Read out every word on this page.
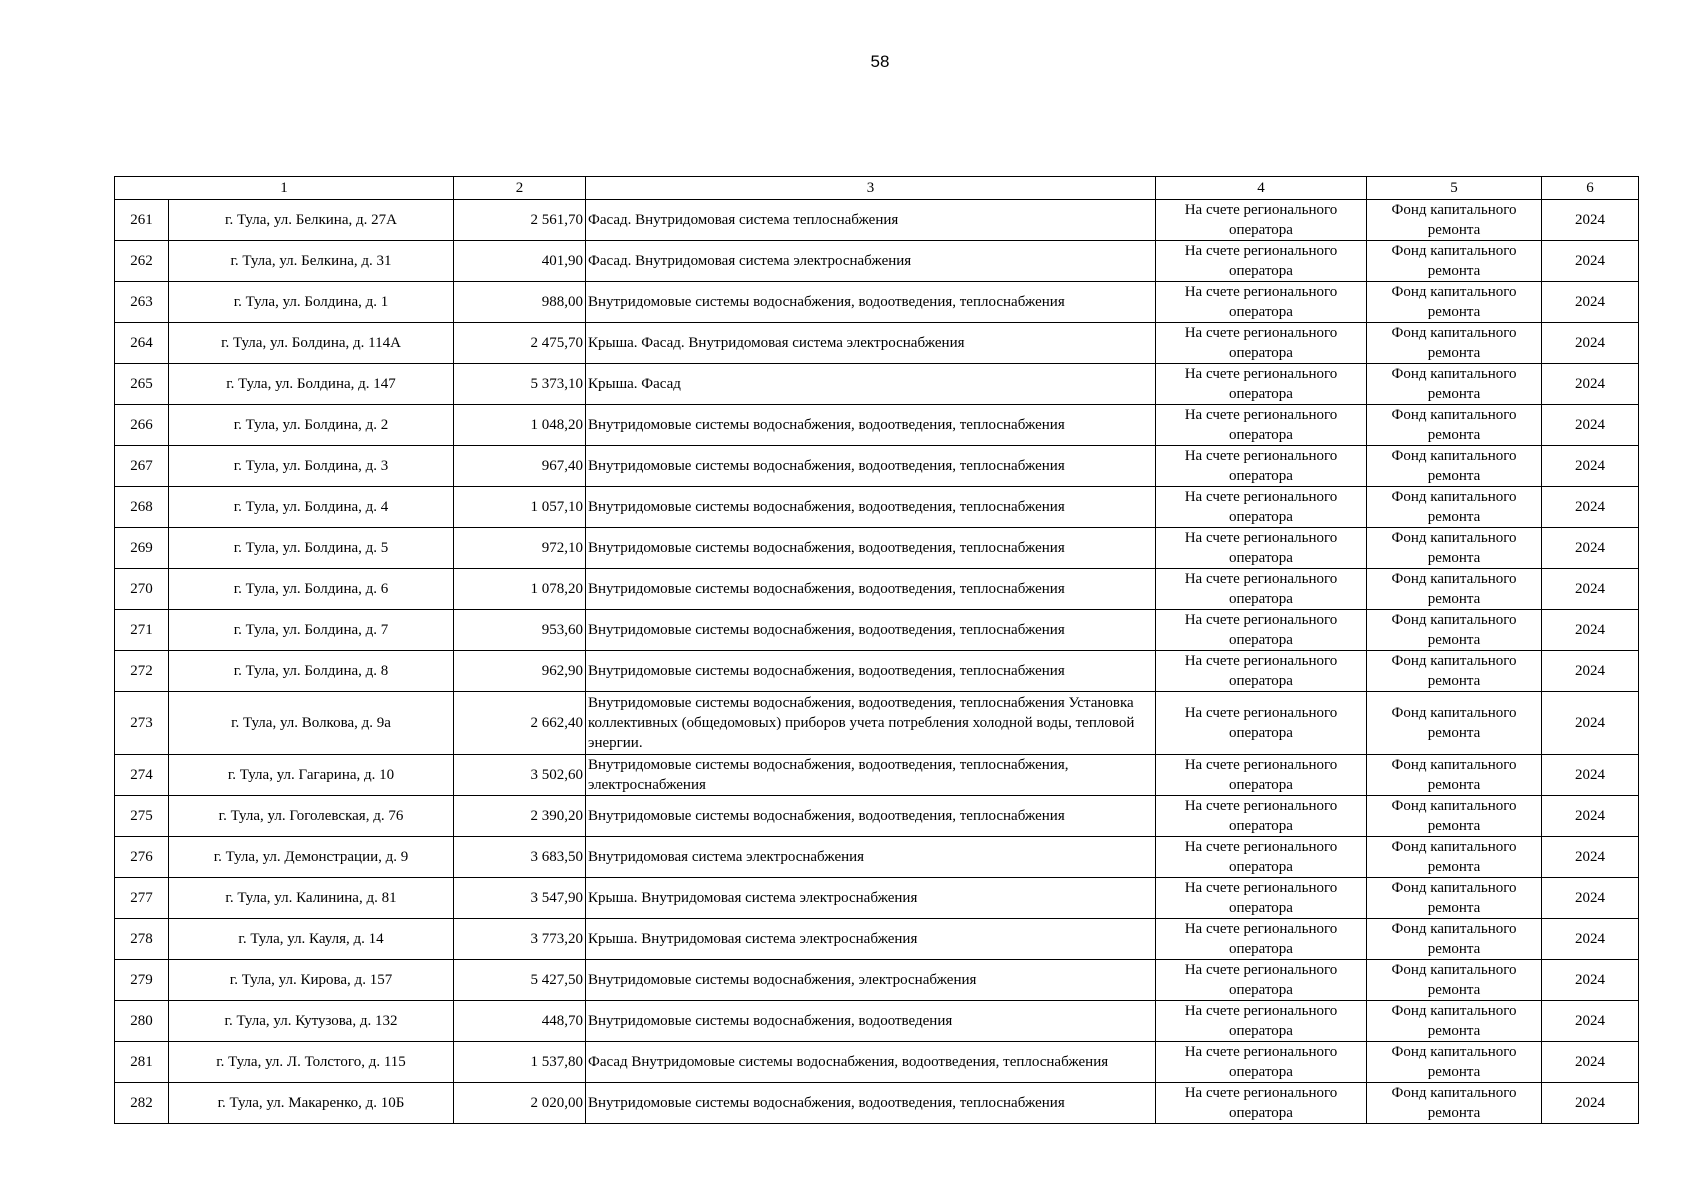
58
1		2	3	4	5	6
261	г. Тула, ул. Белкина, д. 27А	2 561,70	Фасад. Внутридомовая система теплоснабжения	На счете регионального оператора	Фонд капитального ремонта	2024
262	г. Тула, ул. Белкина, д. 31	401,90	Фасад. Внутридомовая система электроснабжения	На счете регионального оператора	Фонд капитального ремонта	2024
263	г. Тула, ул. Болдина, д. 1	988,00	Внутридомовые системы водоснабжения, водоотведения, теплоснабжения	На счете регионального оператора	Фонд капитального ремонта	2024
264	г. Тула, ул. Болдина, д. 114А	2 475,70	Крыша. Фасад. Внутридомовая система электроснабжения	На счете регионального оператора	Фонд капитального ремонта	2024
265	г. Тула, ул. Болдина, д. 147	5 373,10	Крыша. Фасад	На счете регионального оператора	Фонд капитального ремонта	2024
266	г. Тула, ул. Болдина, д. 2	1 048,20	Внутридомовые системы водоснабжения, водоотведения, теплоснабжения	На счете регионального оператора	Фонд капитального ремонта	2024
267	г. Тула, ул. Болдина, д. 3	967,40	Внутридомовые системы водоснабжения, водоотведения, теплоснабжения	На счете регионального оператора	Фонд капитального ремонта	2024
268	г. Тула, ул. Болдина, д. 4	1 057,10	Внутридомовые системы водоснабжения, водоотведения, теплоснабжения	На счете регионального оператора	Фонд капитального ремонта	2024
269	г. Тула, ул. Болдина, д. 5	972,10	Внутридомовые системы водоснабжения, водоотведения, теплоснабжения	На счете регионального оператора	Фонд капитального ремонта	2024
270	г. Тула, ул. Болдина, д. 6	1 078,20	Внутридомовые системы водоснабжения, водоотведения, теплоснабжения	На счете регионального оператора	Фонд капитального ремонта	2024
271	г. Тула, ул. Болдина, д. 7	953,60	Внутридомовые системы водоснабжения, водоотведения, теплоснабжения	На счете регионального оператора	Фонд капитального ремонта	2024
272	г. Тула, ул. Болдина, д. 8	962,90	Внутридомовые системы водоснабжения, водоотведения, теплоснабжения	На счете регионального оператора	Фонд капитального ремонта	2024
273	г. Тула, ул. Волкова, д. 9а	2 662,40	Внутридомовые системы водоснабжения, водоотведения, теплоснабжения Установка коллективных (общедомовых) приборов учета потребления холодной воды, тепловой энергии.	На счете регионального оператора	Фонд капитального ремонта	2024
274	г. Тула, ул. Гагарина, д. 10	3 502,60	Внутридомовые системы водоснабжения, водоотведения, теплоснабжения, электроснабжения	На счете регионального оператора	Фонд капитального ремонта	2024
275	г. Тула, ул. Гоголевская, д. 76	2 390,20	Внутридомовые системы водоснабжения, водоотведения, теплоснабжения	На счете регионального оператора	Фонд капитального ремонта	2024
276	г. Тула, ул. Демонстрации, д. 9	3 683,50	Внутридомовая система электроснабжения	На счете регионального оператора	Фонд капитального ремонта	2024
277	г. Тула, ул. Калинина, д. 81	3 547,90	Крыша. Внутридомовая система электроснабжения	На счете регионального оператора	Фонд капитального ремонта	2024
278	г. Тула, ул. Кауля, д. 14	3 773,20	Крыша. Внутридомовая система электроснабжения	На счете регионального оператора	Фонд капитального ремонта	2024
279	г. Тула, ул. Кирова, д. 157	5 427,50	Внутридомовые системы водоснабжения, электроснабжения	На счете регионального оператора	Фонд капитального ремонта	2024
280	г. Тула, ул. Кутузова, д. 132	448,70	Внутридомовые системы водоснабжения, водоотведения	На счете регионального оператора	Фонд капитального ремонта	2024
281	г. Тула, ул. Л. Толстого, д. 115	1 537,80	Фасад Внутридомовые системы водоснабжения, водоотведения, теплоснабжения	На счете регионального оператора	Фонд капитального ремонта	2024
282	г. Тула, ул. Макаренко, д. 10Б	2 020,00	Внутридомовые системы водоснабжения, водоотведения, теплоснабжения	На счете регионального оператора	Фонд капитального ремонта	2024
